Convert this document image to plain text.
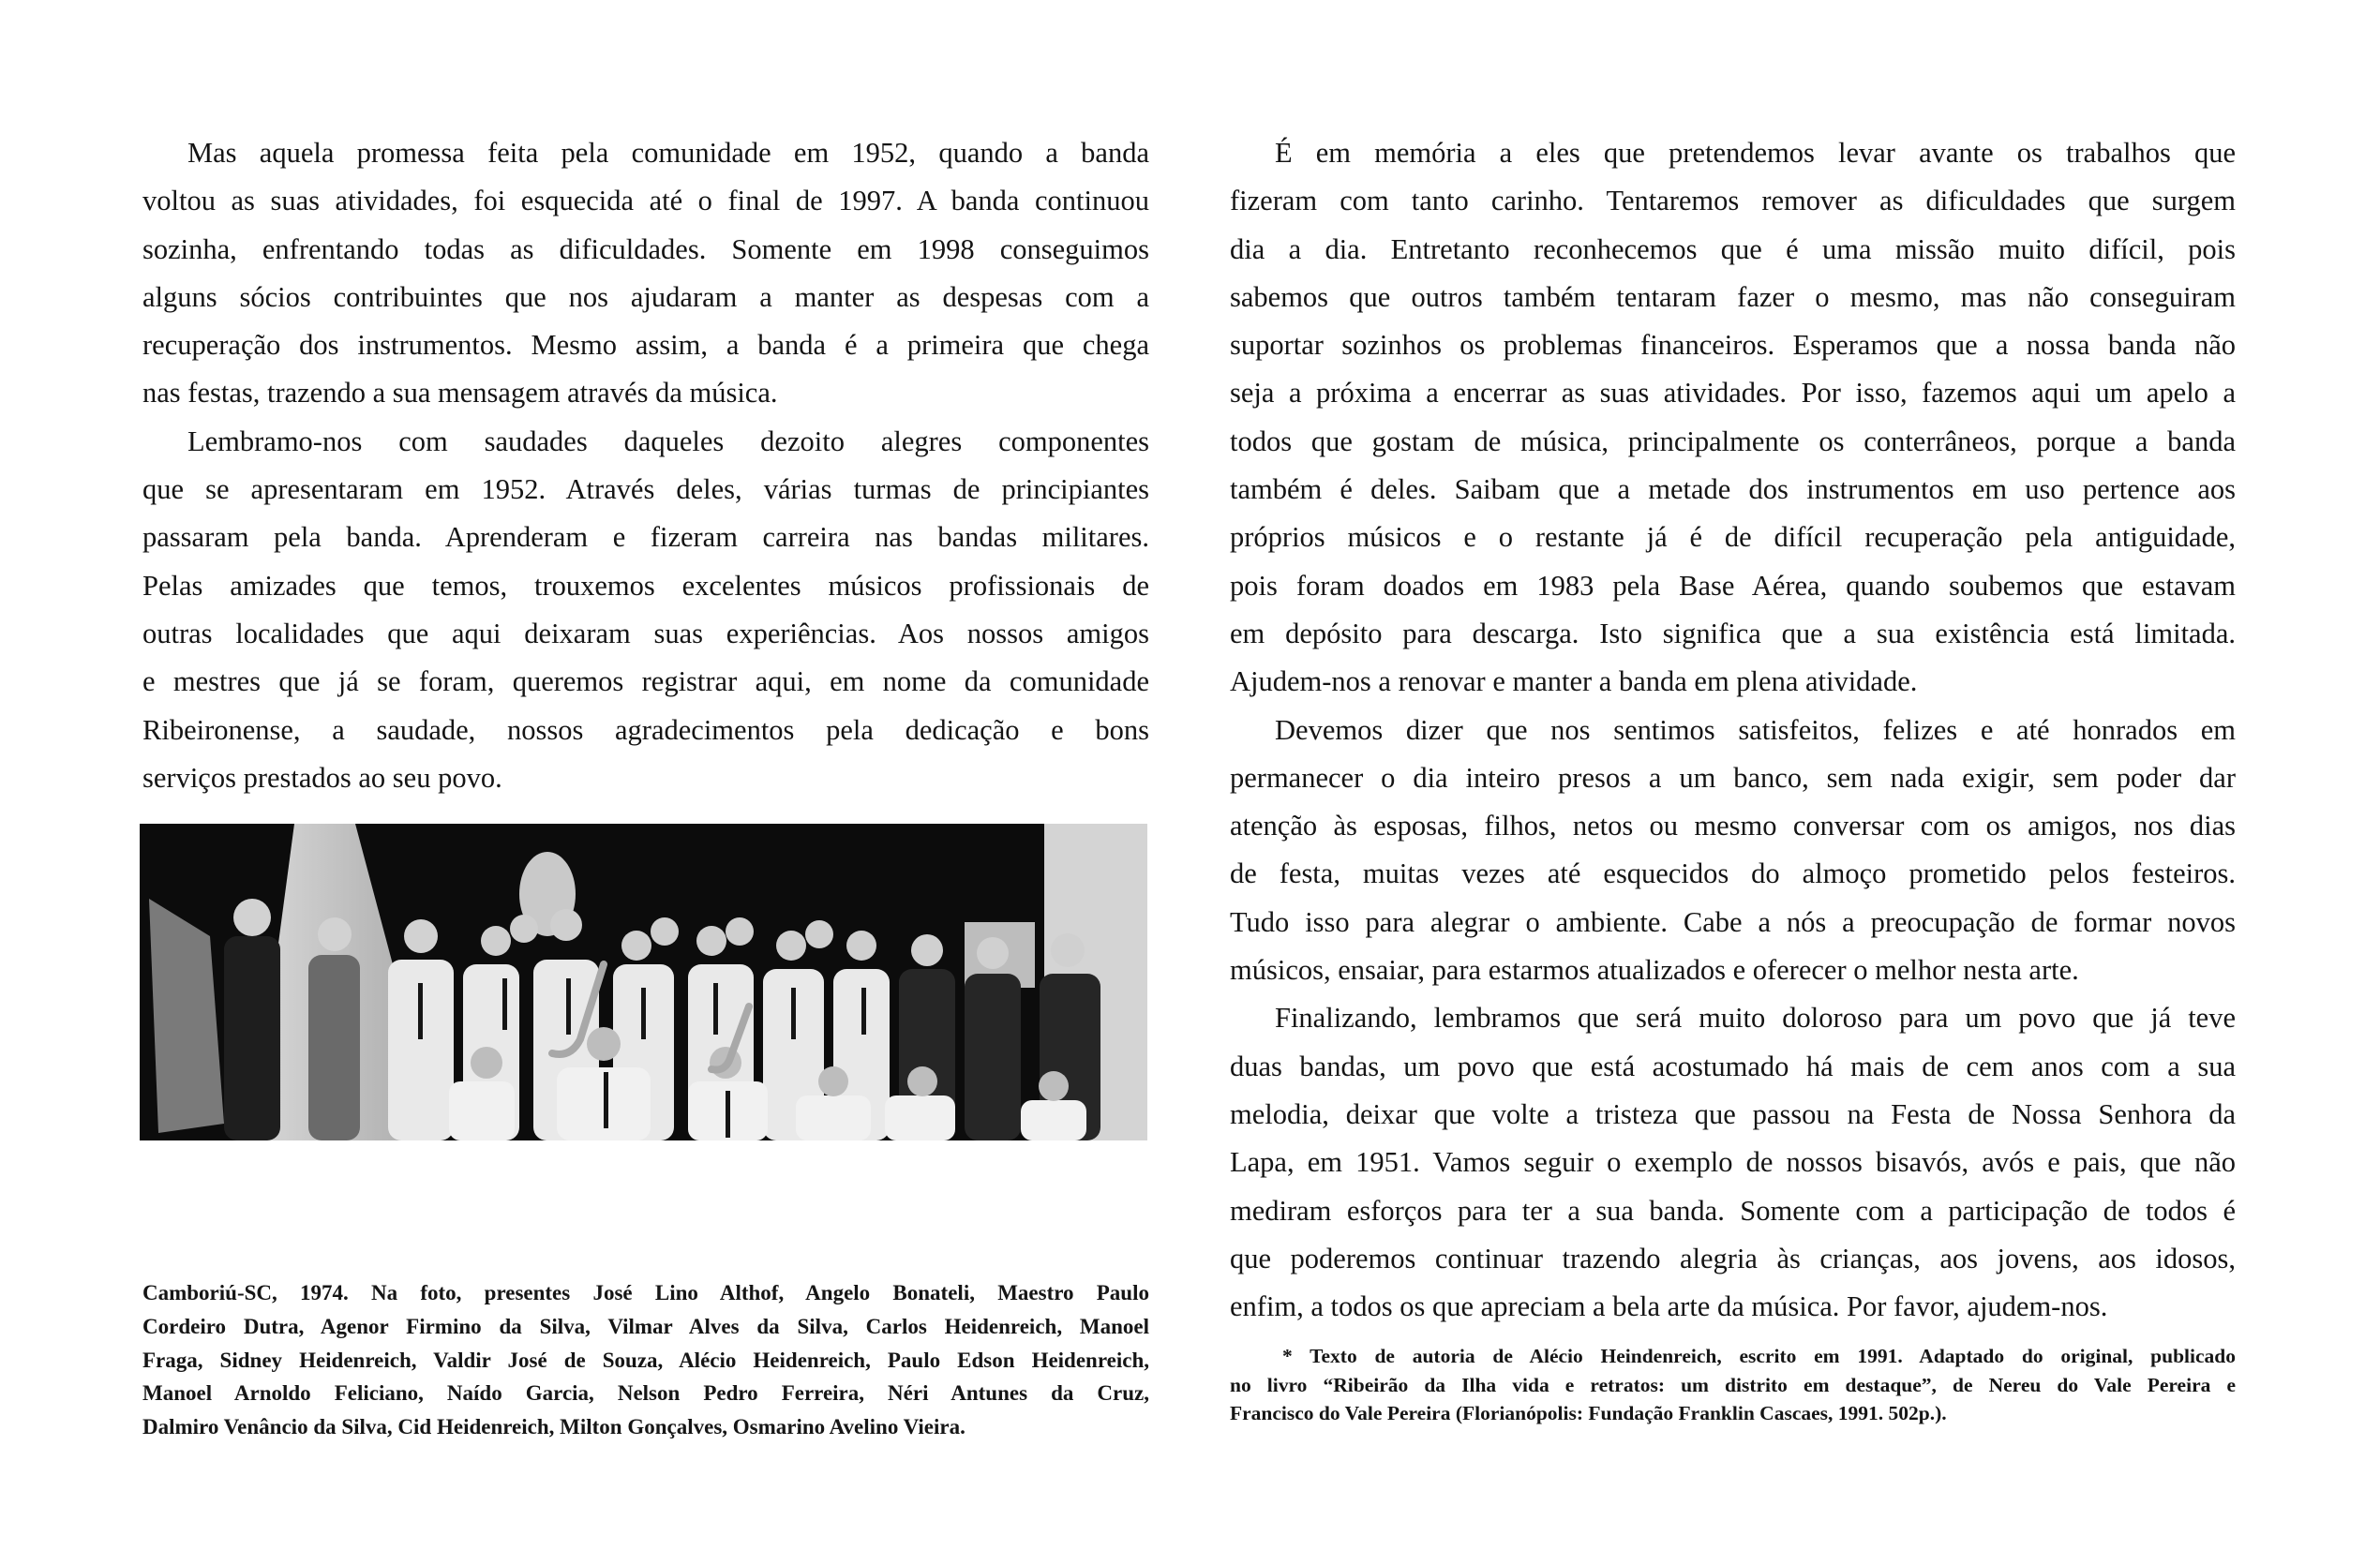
Mas aquela promessa feita pela comunidade em 1952, quando a banda
voltou as suas atividades, foi esquecida até o final de 1997. A banda continuou
sozinha, enfrentando todas as dificuldades. Somente em 1998 conseguimos
alguns sócios contribuintes que nos ajudaram a manter as despesas com a
recuperação dos instrumentos. Mesmo assim, a banda é a primeira que chega
nas festas, trazendo a sua mensagem através da música.
Lembramo-nos com saudades daqueles dezoito alegres componentes
que se apresentaram em 1952. Através deles, várias turmas de principiantes
passaram pela banda. Aprenderam e fizeram carreira nas bandas militares.
Pelas amizades que temos, trouxemos excelentes músicos profissionais de
outras localidades que aqui deixaram suas experiências. Aos nossos amigos
e mestres que já se foram, queremos registrar aqui, em nome da comunidade
Ribeironense, a saudade, nossos agradecimentos pela dedicação e bons
serviços prestados ao seu povo.
Camboriú-SC, 1974. Na foto, presentes José Lino Althof, Angelo Bonateli, Maestro Paulo
Cordeiro Dutra, Agenor Firmino da Silva, Vilmar Alves da Silva, Carlos Heidenreich, Manoel
Fraga, Sidney Heidenreich, Valdir José de Souza, Alécio Heidenreich, Paulo Edson Heidenreich,
Manoel Arnoldo Feliciano, Naído Garcia, Nelson Pedro Ferreira, Néri Antunes da Cruz,
Dalmiro Venâncio da Silva, Cid Heidenreich, Milton Gonçalves, Osmarino Avelino Vieira.
É em memória a eles que pretendemos levar avante os trabalhos que
fizeram com tanto carinho. Tentaremos remover as dificuldades que surgem
dia a dia. Entretanto reconhecemos que é uma missão muito difícil, pois
sabemos que outros também tentaram fazer o mesmo, mas não conseguiram
suportar sozinhos os problemas financeiros. Esperamos que a nossa banda não
seja a próxima a encerrar as suas atividades. Por isso, fazemos aqui um apelo a
todos que gostam de música, principalmente os conterrâneos, porque a banda
também é deles. Saibam que a metade dos instrumentos em uso pertence aos
próprios músicos e o restante já é de difícil recuperação pela antiguidade,
pois foram doados em 1983 pela Base Aérea, quando soubemos que estavam
em depósito para descarga. Isto significa que a sua existência está limitada.
Ajudem-nos a renovar e manter a banda em plena atividade.
Devemos dizer que nos sentimos satisfeitos, felizes e até honrados em
permanecer o dia inteiro presos a um banco, sem nada exigir, sem poder dar
atenção às esposas, filhos, netos ou mesmo conversar com os amigos, nos dias
de festa, muitas vezes até esquecidos do almoço prometido pelos festeiros.
Tudo isso para alegrar o ambiente. Cabe a nós a preocupação de formar novos
músicos, ensaiar, para estarmos atualizados e oferecer o melhor nesta arte.
Finalizando, lembramos que será muito doloroso para um povo que já teve
duas bandas, um povo que está acostumado há mais de cem anos com a sua
melodia, deixar que volte a tristeza que passou na Festa de Nossa Senhora da
Lapa, em 1951. Vamos seguir o exemplo de nossos bisavós, avós e pais, que não
mediram esforços para ter a sua banda. Somente com a participação de todos é
que poderemos continuar trazendo alegria às crianças, aos jovens, aos idosos,
enfim, a todos os que apreciam a bela arte da música. Por favor, ajudem-nos.
* Texto de autoria de Alécio Heindenreich, escrito em 1991. Adaptado do original, publicado
no livro “Ribeirão da Ilha vida e retratos: um distrito em destaque”, de Nereu do Vale Pereira e
Francisco do Vale Pereira (Florianópolis: Fundação Franklin Cascaes, 1991. 502p.).
